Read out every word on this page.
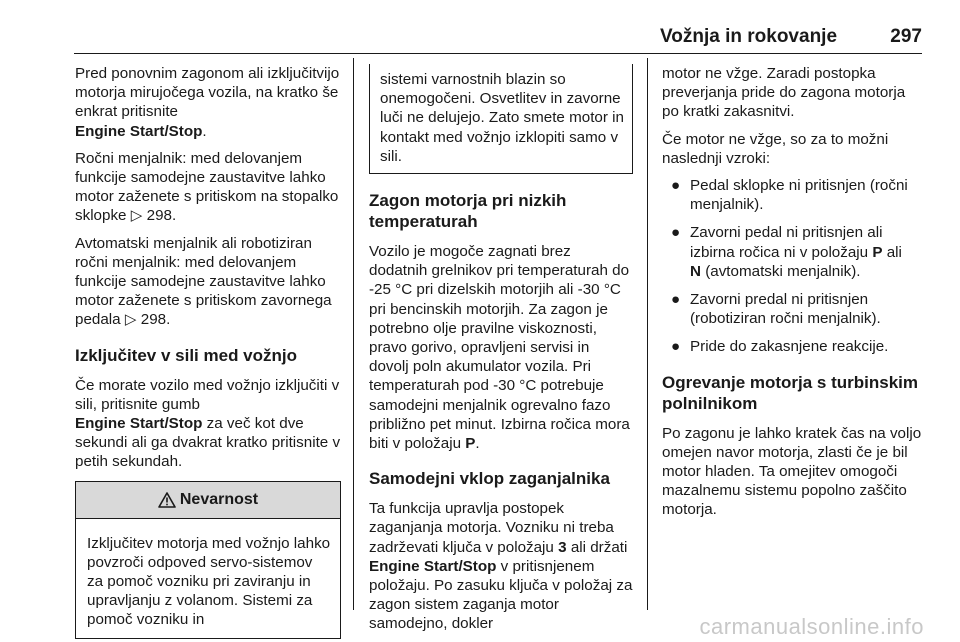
Vožnja in rokovanje	297

Pred ponovnim zagonom ali izključitvijo motorja mirujočega vozila, na kratko še enkrat pritisnite
Engine Start/Stop.

Ročni menjalnik: med delovanjem funkcije samodejne zaustavitve lahko motor zaženete s pritiskom na stopalko sklopke ▷ 298.

Avtomatski menjalnik ali robotiziran ročni menjalnik: med delovanjem funkcije samodejne zaustavitve lahko motor zaženete s pritiskom zavornega pedala ▷ 298.

Izključitev v sili med vožnjo

Če morate vozilo med vožnjo izključiti v sili, pritisnite gumb
Engine Start/Stop za več kot dve sekundi ali ga dvakrat kratko pritisnite v petih sekundah.

Nevarnost
Izključitev motorja med vožnjo lahko povzroči odpoved servo-sistemov za pomoč vozniku pri zaviranju in upravljanju z volanom. Sistemi za pomoč vozniku in
sistemi varnostnih blazin so onemogočeni. Osvetlitev in zavorne luči ne delujejo. Zato smete motor in kontakt med vožnjo izklopiti samo v sili.
Zagon motorja pri nizkih temperaturah

Vozilo je mogoče zagnati brez dodatnih grelnikov pri temperaturah do -25 °C pri dizelskih motorjih ali -30 °C pri bencinskih motorjih. Za zagon je potrebno olje pravilne viskoznosti, pravo gorivo, opravljeni servisi in dovolj poln akumulator vozila. Pri temperaturah pod -30 °C potrebuje samodejni menjalnik ogrevalno fazo približno pet minut. Izbirna ročica mora biti v položaju P.

Samodejni vklop zaganjalnika

Ta funkcija upravlja postopek zaganjanja motorja. Vozniku ni treba zadrževati ključa v položaju 3 ali držati Engine Start/Stop v pritisnjenem položaju. Po zasuku ključa v položaj za zagon sistem zaganja motor samodejno, dokler

motor ne vžge. Zaradi postopka preverjanja pride do zagona motorja po kratki zakasnitvi.

Če motor ne vžge, so za to možni naslednji vzroki:

● Pedal sklopke ni pritisnjen (ročni menjalnik).
● Zavorni pedal ni pritisnjen ali izbirna ročica ni v položaju P ali
N (avtomatski menjalnik).
● Zavorni predal ni pritisnjen (robotiziran ročni menjalnik).
● Pride do zakasnjene reakcije.
Ogrevanje motorja s turbinskim polnilnikom

Po zagonu je lahko kratek čas na voljo omejen navor motorja, zlasti če je bil motor hladen. Ta omejitev omogoči mazalnemu sistemu popolno zaščito motorja.

carmanualsonline.info
